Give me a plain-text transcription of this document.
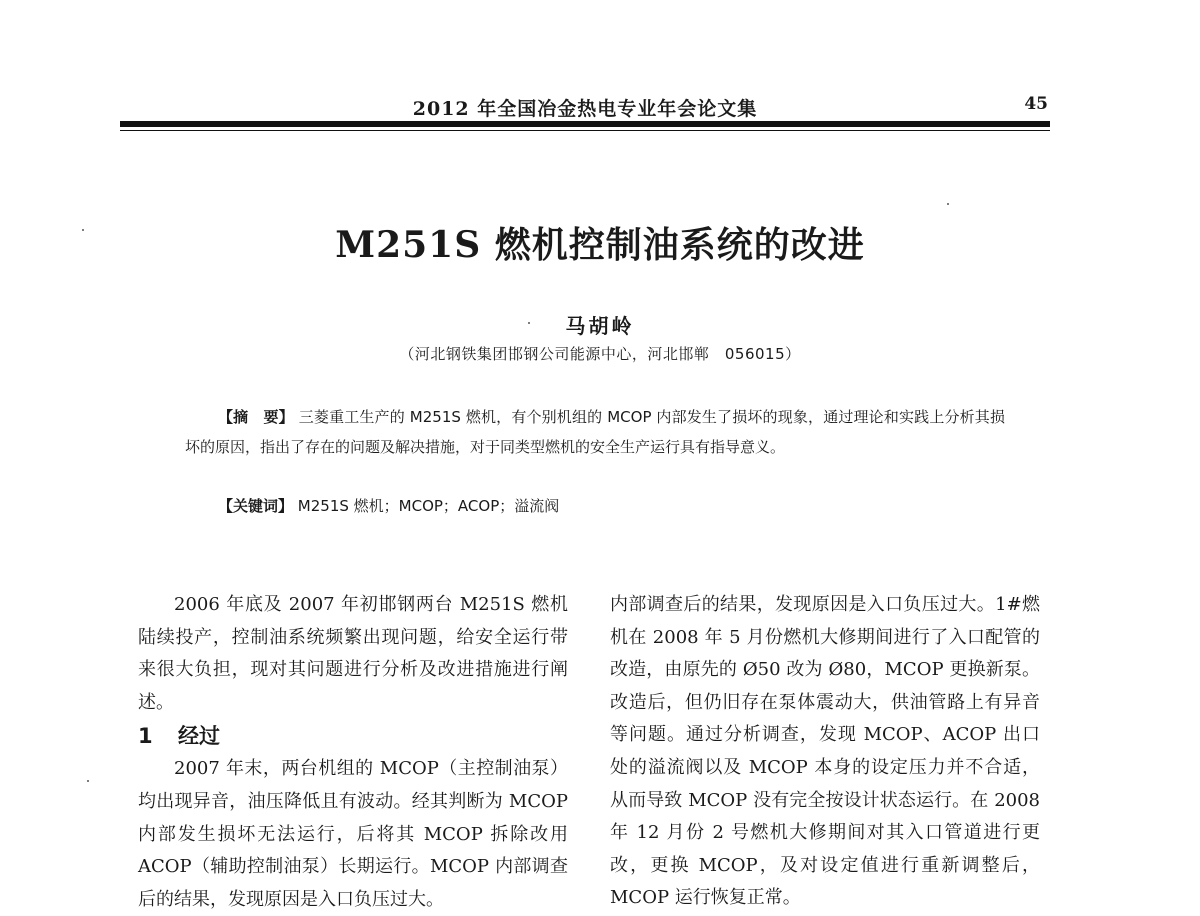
2012 年全国冶金热电专业年会论文集	45
M251S 燃机控制油系统的改进
马胡岭
（河北钢铁集团邯钢公司能源中心，河北邯郸　056015）
【摘　要】 三菱重工生产的 M251S 燃机，有个别机组的 MCOP 内部发生了损坏的现象，通过理论和实践上分析其损坏的原因，指出了存在的问题及解决措施，对于同类型燃机的安全生产运行具有指导意义。
【关键词】 M251S 燃机；MCOP；ACOP；溢流阀

2006 年底及 2007 年初邯钢两台 M251S 燃机陆续投产，控制油系统频繁出现问题，给安全运行带来很大负担，现对其问题进行分析及改进措施进行阐述。

1 经过

2007 年末，两台机组的 MCOP（主控制油泵）均出现异音，油压降低且有波动。经其判断为 MCOP 内部发生损坏无法运行，后将其 MCOP 拆除改用 ACOP（辅助控制油泵）长期运行。MCOP 内部调查后的结果，发现原因是入口负压过大。

内部调查后的结果，发现原因是入口负压过大。1#燃机在 2008 年 5 月份燃机大修期间进行了入口配管的改造，由原先的 Ø50 改为 Ø80，MCOP 更换新泵。改造后，但仍旧存在泵体震动大，供油管路上有异音等问题。通过分析调查，发现 MCOP、ACOP 出口处的溢流阀以及 MCOP 本身的设定压力并不合适，从而导致 MCOP 没有完全按设计状态运行。在 2008 年 12 月份 2 号燃机大修期间对其入口管道进行更改，更换 MCOP，及对设定值进行重新调整后，MCOP 运行恢复正常。
